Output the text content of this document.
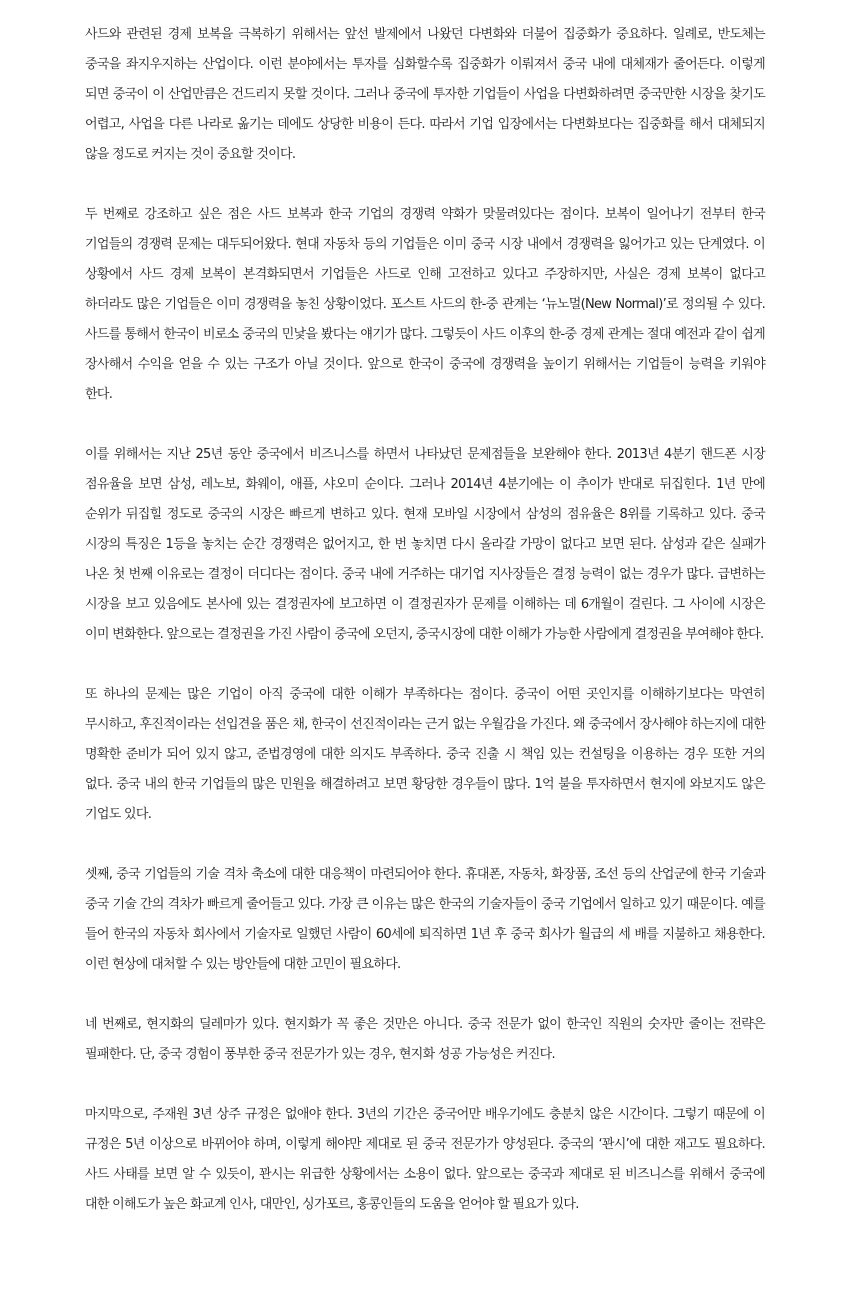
사드와 관련된 경제 보복을 극복하기 위해서는 앞선 발제에서 나왔던 다변화와 더불어 집중화가 중요하다. 일례로, 반도체는 중국을 좌지우지하는 산업이다. 이런 분야에서는 투자를 심화할수록 집중화가 이뤄져서 중국 내에 대체재가 줄어든다. 이렇게 되면 중국이 이 산업만큼은 건드리지 못할 것이다. 그러나 중국에 투자한 기업들이 사업을 다변화하려면 중국만한 시장을 찾기도 어렵고, 사업을 다른 나라로 옮기는 데에도 상당한 비용이 든다. 따라서 기업 입장에서는 다변화보다는 집중화를 해서 대체되지 않을 정도로 커지는 것이 중요할 것이다.

두 번째로 강조하고 싶은 점은 사드 보복과 한국 기업의 경쟁력 약화가 맞물려있다는 점이다. 보복이 일어나기 전부터 한국 기업들의 경쟁력 문제는 대두되어왔다. 현대 자동차 등의 기업들은 이미 중국 시장 내에서 경쟁력을 잃어가고 있는 단계였다. 이 상황에서 사드 경제 보복이 본격화되면서 기업들은 사드로 인해 고전하고 있다고 주장하지만, 사실은 경제 보복이 없다고 하더라도 많은 기업들은 이미 경쟁력을 놓친 상황이었다. 포스트 사드의 한-중 관계는 ‘뉴노멀(New Normal)’로 정의될 수 있다. 사드를 통해서 한국이 비로소 중국의 민낯을 봤다는 얘기가 많다. 그렇듯이 사드 이후의 한-중 경제 관계는 절대 예전과 같이 쉽게 장사해서 수익을 얻을 수 있는 구조가 아닐 것이다. 앞으로 한국이 중국에 경쟁력을 높이기 위해서는 기업들이 능력을 키워야 한다.

이를 위해서는 지난 25년 동안 중국에서 비즈니스를 하면서 나타났던 문제점들을 보완해야 한다. 2013년 4분기 핸드폰 시장 점유율을 보면 삼성, 레노보, 화웨이, 애플, 샤오미 순이다. 그러나 2014년 4분기에는 이 추이가 반대로 뒤집힌다. 1년 만에 순위가 뒤집힐 정도로 중국의 시장은 빠르게 변하고 있다. 현재 모바일 시장에서 삼성의 점유율은 8위를 기록하고 있다. 중국 시장의 특징은 1등을 놓치는 순간 경쟁력은 없어지고, 한 번 놓치면 다시 올라갈 가망이 없다고 보면 된다. 삼성과 같은 실패가 나온 첫 번째 이유로는 결정이 더디다는 점이다. 중국 내에 거주하는 대기업 지사장들은 결정 능력이 없는 경우가 많다. 급변하는 시장을 보고 있음에도 본사에 있는 결정권자에 보고하면 이 결정권자가 문제를 이해하는 데 6개월이 걸린다. 그 사이에 시장은 이미 변화한다. 앞으로는 결정권을 가진 사람이 중국에 오던지, 중국시장에 대한 이해가 가능한 사람에게 결정권을 부여해야 한다.

또 하나의 문제는 많은 기업이 아직 중국에 대한 이해가 부족하다는 점이다. 중국이 어떤 곳인지를 이해하기보다는 막연히 무시하고, 후진적이라는 선입견을 품은 채, 한국이 선진적이라는 근거 없는 우월감을 가진다. 왜 중국에서 장사해야 하는지에 대한 명확한 준비가 되어 있지 않고, 준법경영에 대한 의지도 부족하다. 중국 진출 시 책임 있는 컨설팅을 이용하는 경우 또한 거의 없다. 중국 내의 한국 기업들의 많은 민원을 해결하려고 보면 황당한 경우들이 많다. 1억 불을 투자하면서 현지에 와보지도 않은 기업도 있다.

셋째, 중국 기업들의 기술 격차 축소에 대한 대응책이 마련되어야 한다. 휴대폰, 자동차, 화장품, 조선 등의 산업군에 한국 기술과 중국 기술 간의 격차가 빠르게 줄어들고 있다. 가장 큰 이유는 많은 한국의 기술자들이 중국 기업에서 일하고 있기 때문이다. 예를 들어 한국의 자동차 회사에서 기술자로 일했던 사람이 60세에 퇴직하면 1년 후 중국 회사가 월급의 세 배를 지불하고 채용한다. 이런 현상에 대처할 수 있는 방안들에 대한 고민이 필요하다.

네 번째로, 현지화의 딜레마가 있다. 현지화가 꼭 좋은 것만은 아니다. 중국 전문가 없이 한국인 직원의 숫자만 줄이는 전략은 필패한다. 단, 중국 경험이 풍부한 중국 전문가가 있는 경우, 현지화 성공 가능성은 커진다.

마지막으로, 주재원 3년 상주 규정은 없애야 한다. 3년의 기간은 중국어만 배우기에도 충분치 않은 시간이다. 그렇기 때문에 이 규정은 5년 이상으로 바뀌어야 하며, 이렇게 해야만 제대로 된 중국 전문가가 양성된다. 중국의 ‘꽌시’에 대한 재고도 필요하다. 사드 사태를 보면 알 수 있듯이, 꽌시는 위급한 상황에서는 소용이 없다. 앞으로는 중국과 제대로 된 비즈니스를 위해서 중국에 대한 이해도가 높은 화교계 인사, 대만인, 싱가포르, 홍콩인들의 도움을 얻어야 할 필요가 있다.
